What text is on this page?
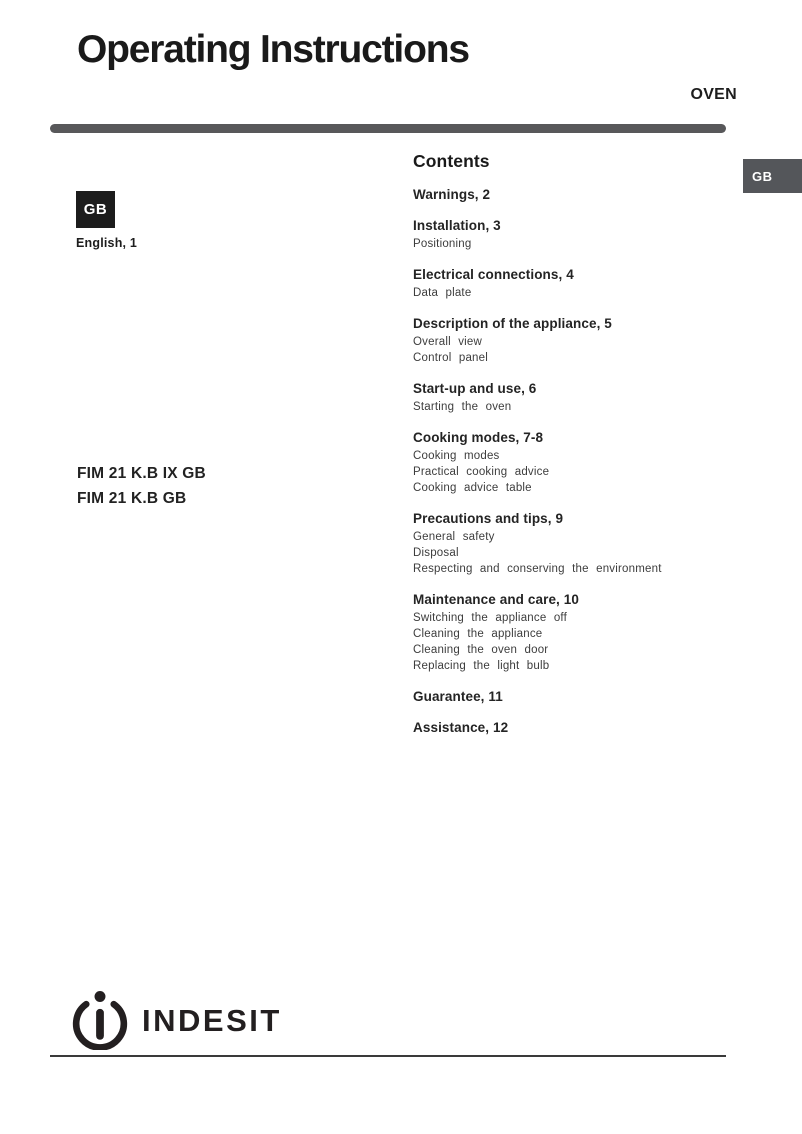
Operating Instructions
OVEN
GB
GB
English, 1
FIM 21 K.B IX GB
FIM 21 K.B GB
Contents
Warnings, 2
Installation, 3
Positioning
Electrical connections, 4
Data plate
Description of the appliance, 5
Overall view
Control panel
Start-up and use, 6
Starting the oven
Cooking modes, 7-8
Cooking modes
Practical cooking advice
Cooking advice table
Precautions and tips, 9
General safety
Disposal
Respecting and conserving the environment
Maintenance and care, 10
Switching the appliance off
Cleaning the appliance
Cleaning the oven door
Replacing the light bulb
Guarantee, 11
Assistance, 12
INDESIT
